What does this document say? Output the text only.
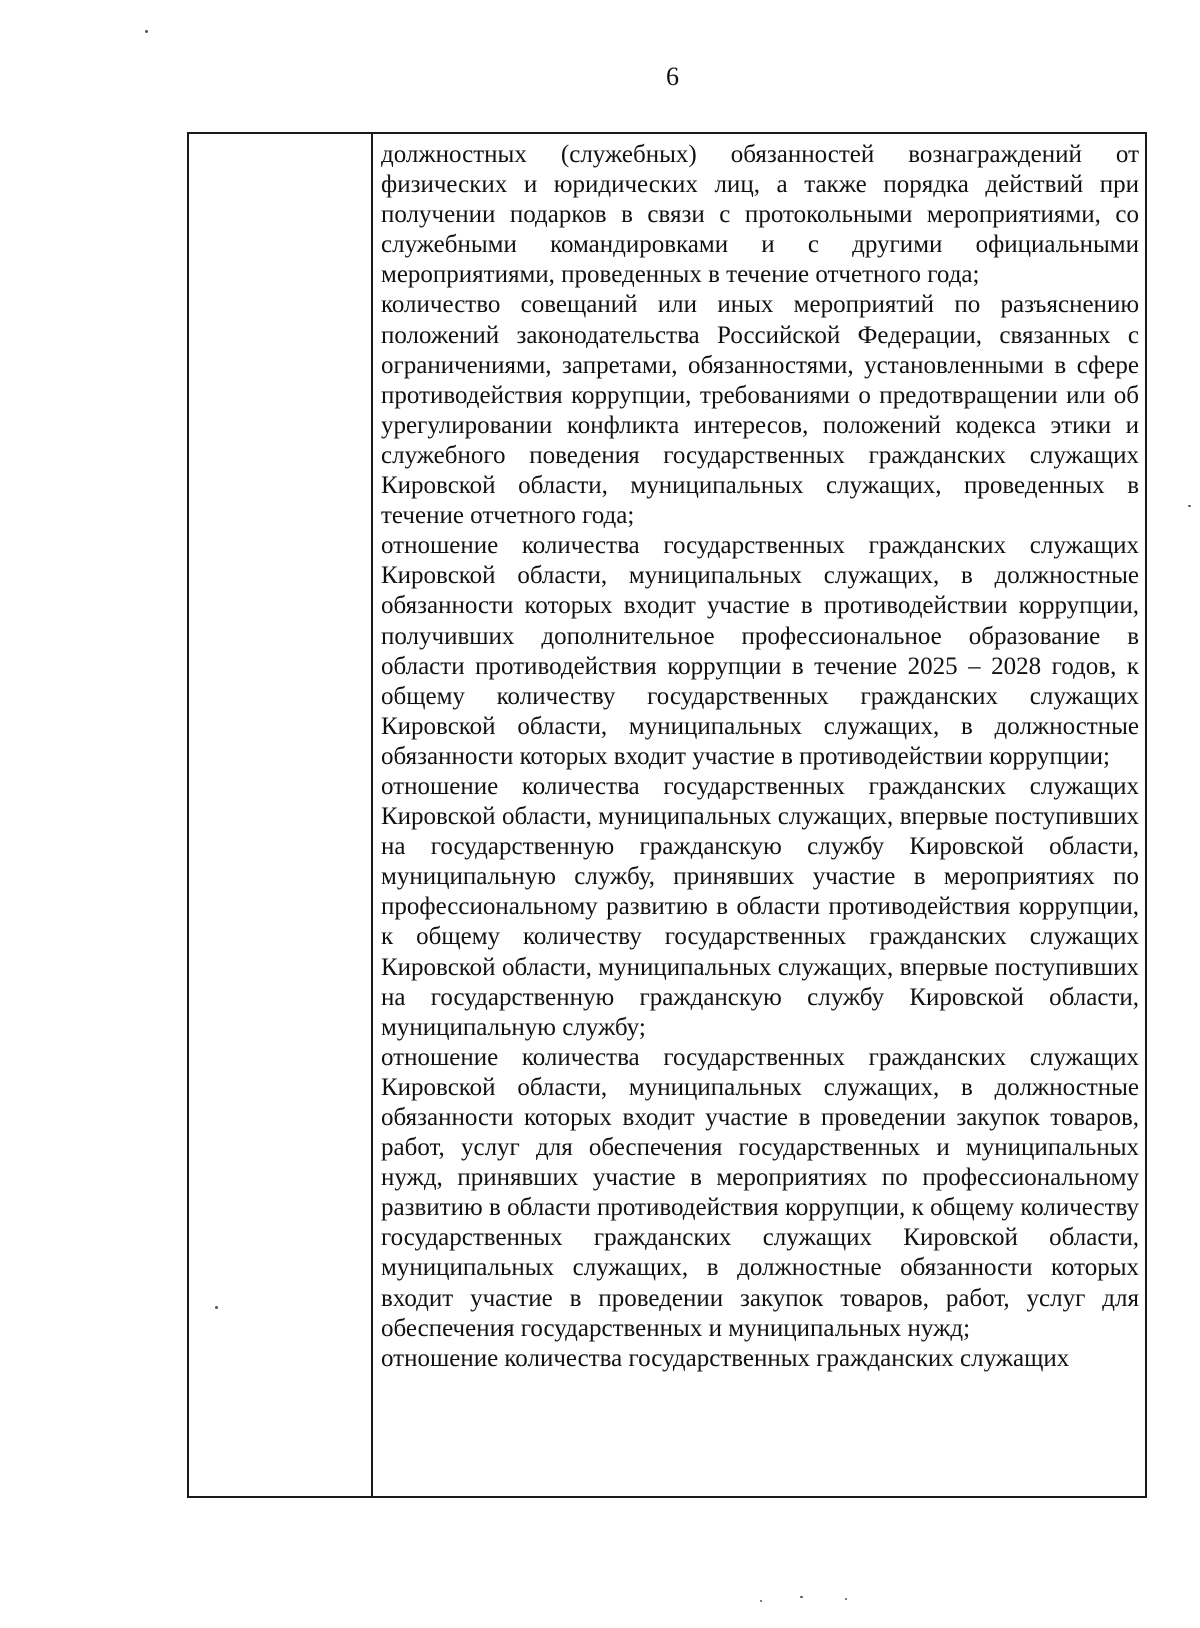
6

должностных (служебных) обязанностей вознаграждений от физических и юридических лиц, а также порядка действий при получении подарков в связи с протокольными мероприятиями, со служебными командировками и с другими официальными мероприятиями, проведенных в течение отчетного года;

количество совещаний или иных мероприятий по разъяснению положений законодательства Российской Федерации, связанных с ограничениями, запретами, обязанностями, установленными в сфере противодействия коррупции, требованиями о предотвращении или об урегулировании конфликта интересов, положений кодекса этики и служебного поведения государственных гражданских служащих Кировской области, муниципальных служащих, проведенных в течение отчетного года;

отношение количества государственных гражданских служащих Кировской области, муниципальных служащих, в должностные обязанности которых входит участие в противодействии коррупции, получивших дополнительное профессиональное образование в области противодействия коррупции в течение 2025 – 2028 годов, к общему количеству государственных гражданских служащих Кировской области, муниципальных служащих, в должностные обязанности которых входит участие в противодействии коррупции;

отношение количества государственных гражданских служащих Кировской области, муниципальных служащих, впервые поступивших на государственную гражданскую службу Кировской области, муниципальную службу, принявших участие в мероприятиях по профессиональному развитию в области противодействия коррупции, к общему количеству государственных гражданских служащих Кировской области, муниципальных служащих, впервые поступивших на государственную гражданскую службу Кировской области, муниципальную службу;

отношение количества государственных гражданских служащих Кировской области, муниципальных служащих, в должностные обязанности которых входит участие в проведении закупок товаров, работ, услуг для обеспечения государственных и муниципальных нужд, принявших участие в мероприятиях по профессиональному развитию в области противодействия коррупции, к общему количеству государственных гражданских служащих Кировской области, муниципальных служащих, в должностные обязанности которых входит участие в проведении закупок товаров, работ, услуг для обеспечения государственных и муниципальных нужд;

отношение количества государственных гражданских служащих
